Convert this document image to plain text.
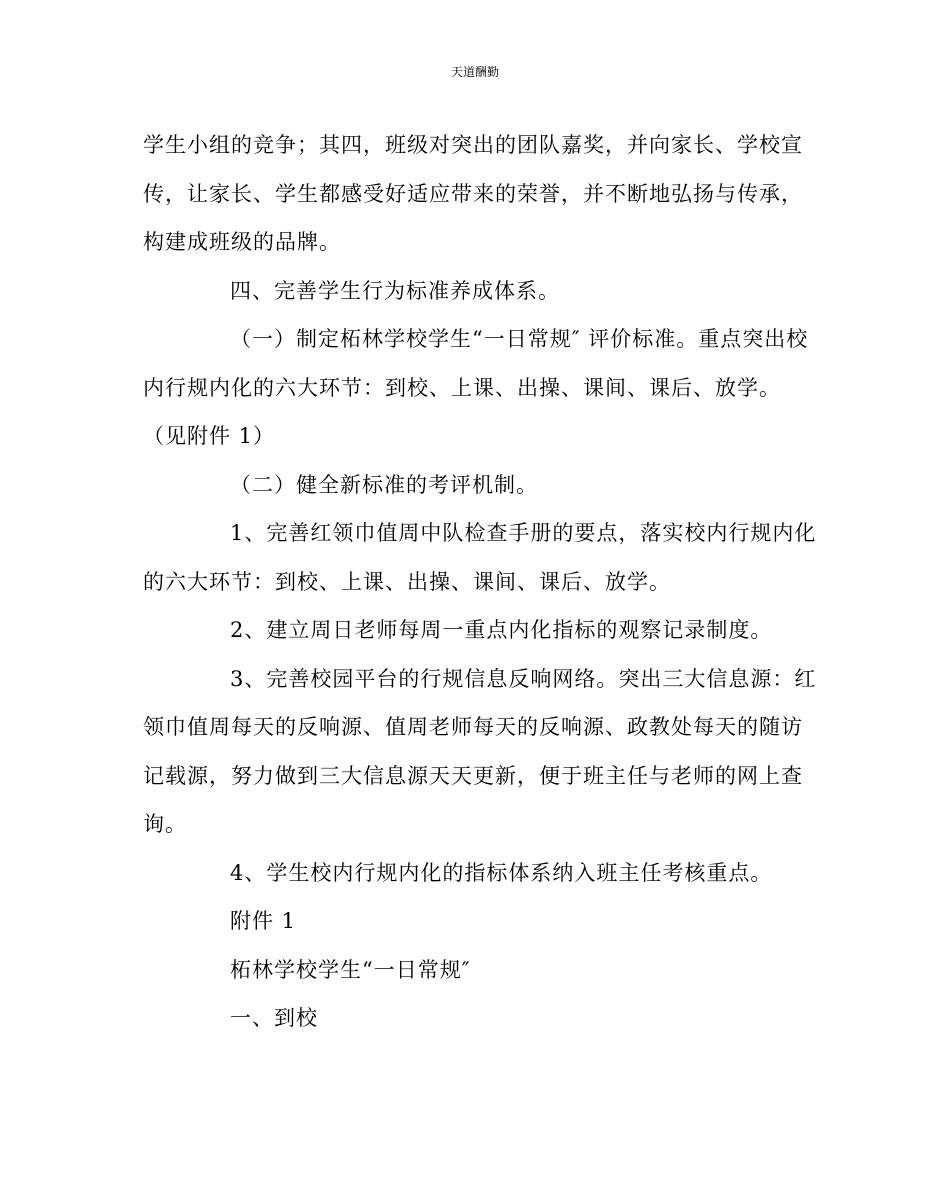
天道酬勤
学生小组的竞争；其四，班级对突出的团队嘉奖，并向家长、学校宣
传，让家长、学生都感受好适应带来的荣誉，并不断地弘扬与传承，
构建成班级的品牌。
四、完善学生行为标准养成体系。
（一）制定柘林学校学生“一日常规″ 评价标准。重点突出校
内行规内化的六大环节：到校、上课、出操、课间、课后、放学。
（见附件 1）
（二）健全新标准的考评机制。
1、完善红领巾值周中队检查手册的要点，落实校内行规内化
的六大环节：到校、上课、出操、课间、课后、放学。
2、建立周日老师每周一重点内化指标的观察记录制度。
3、完善校园平台的行规信息反响网络。突出三大信息源：红
领巾值周每天的反响源、值周老师每天的反响源、政教处每天的随访
记载源，努力做到三大信息源天天更新，便于班主任与老师的网上查
询。
4、学生校内行规内化的指标体系纳入班主任考核重点。
附件 1
柘林学校学生“一日常规″
一、到校
